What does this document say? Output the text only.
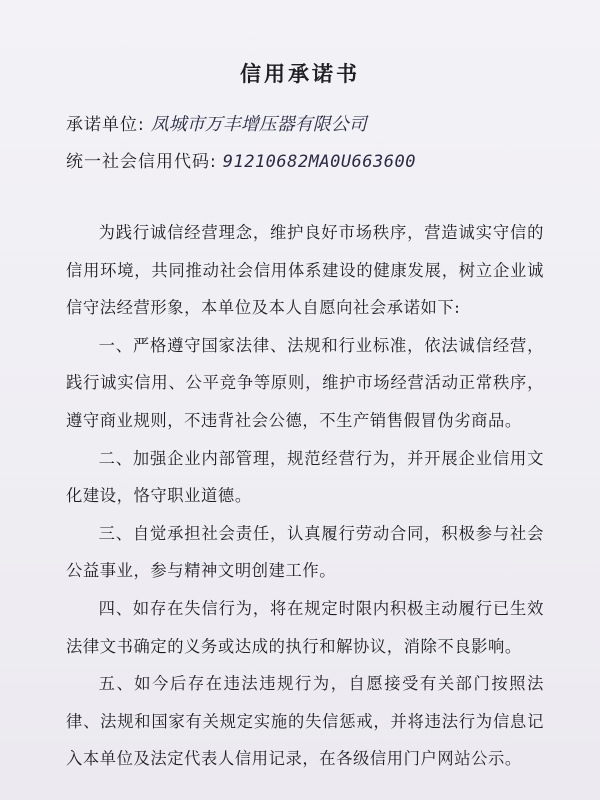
信用承诺书
承诺单位: 凤城市万丰增压器有限公司
统一社会信用代码: 91210682MA0U663600

为践行诚信经营理念，维护良好市场秩序，营造诚实守信的信用环境，共同推动社会信用体系建设的健康发展，树立企业诚信守法经营形象，本单位及本人自愿向社会承诺如下:

一、严格遵守国家法律、法规和行业标准，依法诚信经营，践行诚实信用、公平竞争等原则，维护市场经营活动正常秩序，遵守商业规则，不违背社会公德，不生产销售假冒伪劣商品。

二、加强企业内部管理，规范经营行为，并开展企业信用文化建设，恪守职业道德。

三、自觉承担社会责任，认真履行劳动合同，积极参与社会公益事业，参与精神文明创建工作。

四、如存在失信行为，将在规定时限内积极主动履行已生效法律文书确定的义务或达成的执行和解协议，消除不良影响。

五、如今后存在违法违规行为，自愿接受有关部门按照法律、法规和国家有关规定实施的失信惩戒，并将违法行为信息记入本单位及法定代表人信用记录，在各级信用门户网站公示。
